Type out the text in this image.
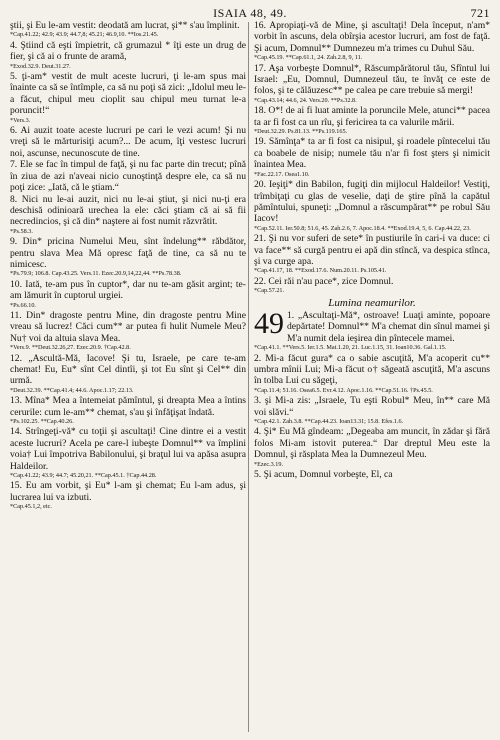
ISAIA 48, 49.	721

ştii, şi Eu le-am vestit: deodată am lucrat, şi** s'au împlinit.

*Cap.41.22; 42.9; 43.9; 44.7,8; 45.21; 46.9,10. **Ios.21.45.

4. Ştiind că eşti împietrit, că grumazul * îţi este un drug de fier, şi că ai o frunte de aramă,

*Exod.32.9. Deut.31.27.

5. ţi-am* vestit de mult aceste lucruri, ţi le-am spus mai înainte ca să se întîmple, ca să nu poţi să zici: „Idolul meu le-a făcut, chipul meu cioplit sau chipul meu turnat le-a poruncit!“

*Vers.3.

6. Ai auzit toate aceste lucruri pe cari le vezi acum! Şi nu vreţi să le mărturisiţi acum?... De acum, îţi vestesc lucruri noi, ascunse, necunoscute de tine.

7. Ele se fac în timpul de faţă, şi nu fac parte din trecut; pînă în ziua de azi n'aveai nicio cunoştinţă despre ele, ca să nu poţi zice: „Iată, că le ştiam.“

8. Nici nu le-ai auzit, nici nu le-ai ştiut, şi nici nu-ţi era deschisă odinioară urechea la ele: căci ştiam că ai să fii necredincios, şi că din* naştere ai fost numit răzvrătit.

*Ps.58.3.

9. Din* pricina Numelui Meu, sînt îndelung** răbdător, pentru slava Mea Mă opresc faţă de tine, ca să nu te nimicesc.

*Ps.79.9; 106.8. Cap.43.25. Vers.11. Ezec.20.9,14,22,44. **Ps.78.38.

10. Iată, te-am pus în cuptor*, dar nu te-am găsit argint; te-am lămurit în cuptorul urgiei.

*Ps.66.10.

11. Din* dragoste pentru Mine, din dragoste pentru Mine vreau să lucrez! Căci cum** ar putea fi hulit Numele Meu? Nu† voi da altuia slava Mea.

*Vers.9. **Deut.32.26,27. Ezec.20.9. †Cap.42.8.

12. „Ascultă-Mă, Iacove! Şi tu, Israele, pe care te-am chemat! Eu, Eu* sînt Cel dintîi, şi tot Eu sînt şi Cel** din urmă.

*Deut.32.39. **Cap.41.4; 44.6. Apoc.1.17; 22.13.

13. Mîna* Mea a întemeiat pămîntul, şi dreapta Mea a întins cerurile: cum le-am** chemat, s'au şi înfăţişat îndată.

*Ps.102.25. **Cap.40.26.

14. Strîngeţi-vă* cu toţii şi ascultaţi! Cine dintre ei a vestit aceste lucruri? Acela pe care-l iubeşte Domnul** va împlini voia† Lui împotriva Babilonului, şi braţul lui va apăsa asupra Haldeilor.

*Cap.41.22; 43.9; 44.7; 45.20,21. **Cap.45.1. †Cap.44.28.

15. Eu am vorbit, şi Eu* l-am şi chemat; Eu l-am adus, şi lucrarea lui va izbuti.

*Cap.45.1,2, etc.

16. Apropiaţi-vă de Mine, şi ascultaţi! Dela început, n'am* vorbit în ascuns, dela obîrşia acestor lucruri, am fost de faţă. Şi acum, Domnul** Dumnezeu m'a trimes cu Duhul Său.

*Cap.45.19. **Cap.61.1, 24. Zah.2.8, 9, 11.

17. Aşa vorbeşte Domnul*, Răscumpărătorul tău, Sfîntul lui Israel: „Eu, Domnul, Dumnezeul tău, te învăţ ce este de folos, şi te călăuzesc** pe calea pe care trebuie să mergi!

*Cap.43.14; 44.6, 24. Vers.20. **Ps.32.8.

18. O*! de ai fi luat aminte la poruncile Mele, atunci** pacea ta ar fi fost ca un rîu, şi fericirea ta ca valurile mării.

*Deut.32.29. Ps.81.13. **Ps.119.165.

19. Sămînţa* ta ar fi fost ca nisipul, şi roadele pîntecelui tău ca boabele de nisip; numele tău n'ar fi fost şters şi nimicit înaintea Mea.

*Fac.22.17. Osea1.10.

20. Ieşiţi* din Babilon, fugiţi din mijlocul Haldeilor! Vestiţi, trîmbiţaţi cu glas de veselie, daţi de ştire pînă la capătul pămîntului, spuneţi: „Domnul a răscumpărat** pe robul Său Iacov!

*Cap.52.11. Ier.50.8; 51.6, 45. Zah.2.6, 7. Apoc.18.4. **Exod.19.4, 5, 6. Cap.44.22, 23.

21. Şi nu vor suferi de sete* în pustiurile în cari-i va duce: ci va face** să curgă pentru ei apă din stîncă, va despica stînca, şi va curge apa.

*Cap.41.17, 18. **Exod.17.6. Num.20.11. Ps.105.41.

22. Cei răi n'au pace*, zice Domnul.

*Cap.57.21.

Lumina neamurilor.

49 1. „Ascultaţi-Mă*, ostroave! Luaţi aminte, popoare depărtate! Domnul** M'a chemat din sînul mamei şi M'a numit dela ieşirea din pîntecele mamei.

*Cap.41.1. **Vers.5. Ier.1.5. Mat.1.20, 21. Luc.1.15, 31. Ioan10.36. Gal.1.15.

2. Mi-a făcut gura* ca o sabie ascuţită, M'a acoperit cu** umbra mînii Lui; Mi-a făcut o† săgeată ascuţită, M'a ascuns în tolba Lui cu săgeţi,

*Cap.11.4; 51.16. Osea6.5. Evr.4.12. Apoc.1.16. **Cap.51.16. †Ps.45.5.

3. şi Mi-a zis: „Israele, Tu eşti Robul* Meu, în** care Mă voi slăvi.“

*Cap.42.1. Zah.3.8. **Cap.44.23. Ioan13.31; 15.8. Efes.1.6.

4. Şi* Eu Mă gîndeam: „Degeaba am muncit, în zădar şi fără folos Mi-am istovit puterea.“ Dar dreptul Meu este la Domnul, şi răsplata Mea la Dumnezeul Meu.

*Ezec.3.19.

5. Şi acum, Domnul vorbeşte, El, ca
